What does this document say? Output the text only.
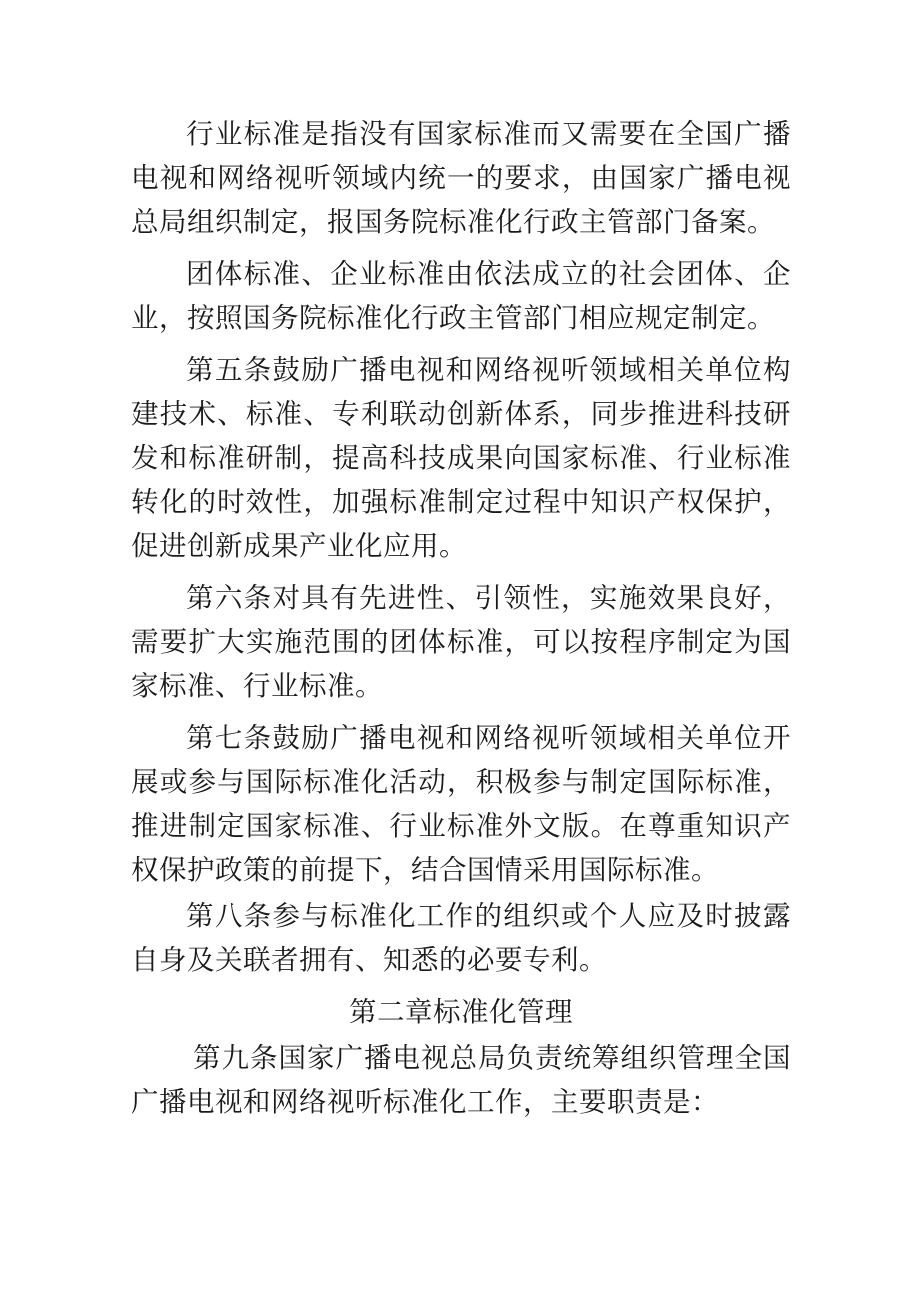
行业标准是指没有国家标准而又需要在全国广播电视和网络视听领域内统一的要求，由国家广播电视总局组织制定，报国务院标准化行政主管部门备案。

团体标准、企业标准由依法成立的社会团体、企业，按照国务院标准化行政主管部门相应规定制定。

第五条鼓励广播电视和网络视听领域相关单位构建技术、标准、专利联动创新体系，同步推进科技研发和标准研制，提高科技成果向国家标准、行业标准转化的时效性，加强标准制定过程中知识产权保护，促进创新成果产业化应用。

第六条对具有先进性、引领性，实施效果良好，需要扩大实施范围的团体标准，可以按程序制定为国家标准、行业标准。

第七条鼓励广播电视和网络视听领域相关单位开展或参与国际标准化活动，积极参与制定国际标准，推进制定国家标准、行业标准外文版。在尊重知识产权保护政策的前提下，结合国情采用国际标准。

第八条参与标准化工作的组织或个人应及时披露自身及关联者拥有、知悉的必要专利。

第二章标准化管理

第九条国家广播电视总局负责统筹组织管理全国广播电视和网络视听标准化工作，主要职责是：
